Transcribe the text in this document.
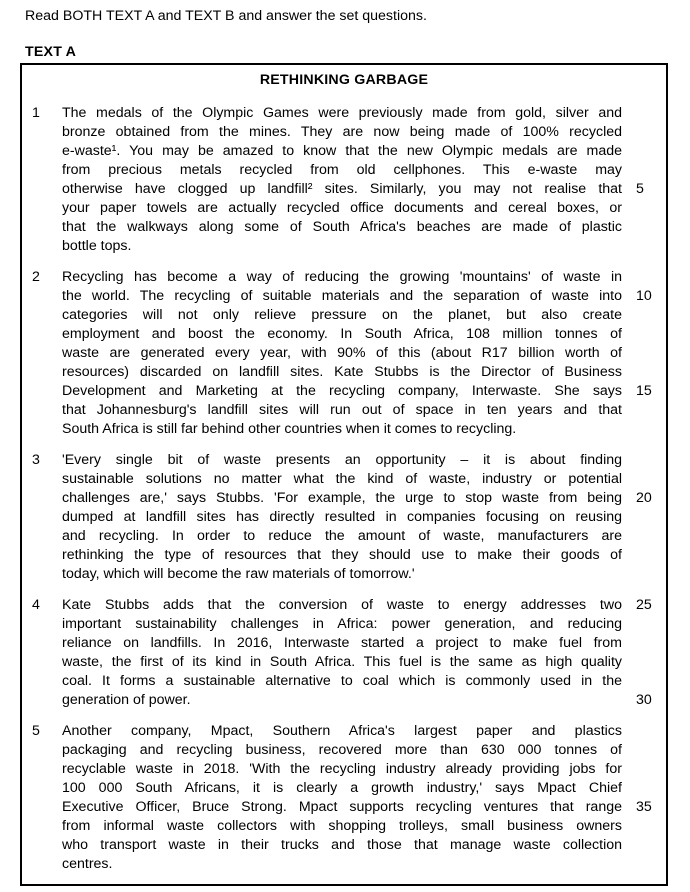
Read BOTH TEXT A and TEXT B and answer the set questions.
TEXT A
RETHINKING GARBAGE
1	The medals of the Olympic Games were previously made from gold, silver and
bronze obtained from the mines. They are now being made of 100% recycled
e-waste¹. You may be amazed to know that the new Olympic medals are made
from precious metals recycled from old cellphones. This e-waste may
otherwise have clogged up landfill² sites. Similarly, you may not realise that 5
your paper towels are actually recycled office documents and cereal boxes, or
that the walkways along some of South Africa's beaches are made of plastic
bottle tops.
2	Recycling has become a way of reducing the growing 'mountains' of waste in
the world. The recycling of suitable materials and the separation of waste into 10
categories will not only relieve pressure on the planet, but also create
employment and boost the economy. In South Africa, 108 million tonnes of
waste are generated every year, with 90% of this (about R17 billion worth of
resources) discarded on landfill sites. Kate Stubbs is the Director of Business
Development and Marketing at the recycling company, Interwaste. She says 15
that Johannesburg's landfill sites will run out of space in ten years and that
South Africa is still far behind other countries when it comes to recycling.
3	'Every single bit of waste presents an opportunity – it is about finding
sustainable solutions no matter what the kind of waste, industry or potential
challenges are,' says Stubbs. 'For example, the urge to stop waste from being 20
dumped at landfill sites has directly resulted in companies focusing on reusing
and recycling. In order to reduce the amount of waste, manufacturers are
rethinking the type of resources that they should use to make their goods of
today, which will become the raw materials of tomorrow.'
4	Kate Stubbs adds that the conversion of waste to energy addresses two 25
important sustainability challenges in Africa: power generation, and reducing
reliance on landfills. In 2016, Interwaste started a project to make fuel from
waste, the first of its kind in South Africa. This fuel is the same as high quality
coal. It forms a sustainable alternative to coal which is commonly used in the
generation of power.	30
5	Another company, Mpact, Southern Africa's largest paper and plastics
packaging and recycling business, recovered more than 630 000 tonnes of
recyclable waste in 2018. 'With the recycling industry already providing jobs for
100 000 South Africans, it is clearly a growth industry,' says Mpact Chief
Executive Officer, Bruce Strong. Mpact supports recycling ventures that range 35
from informal waste collectors with shopping trolleys, small business owners
who transport waste in their trucks and those that manage waste collection
centres.
